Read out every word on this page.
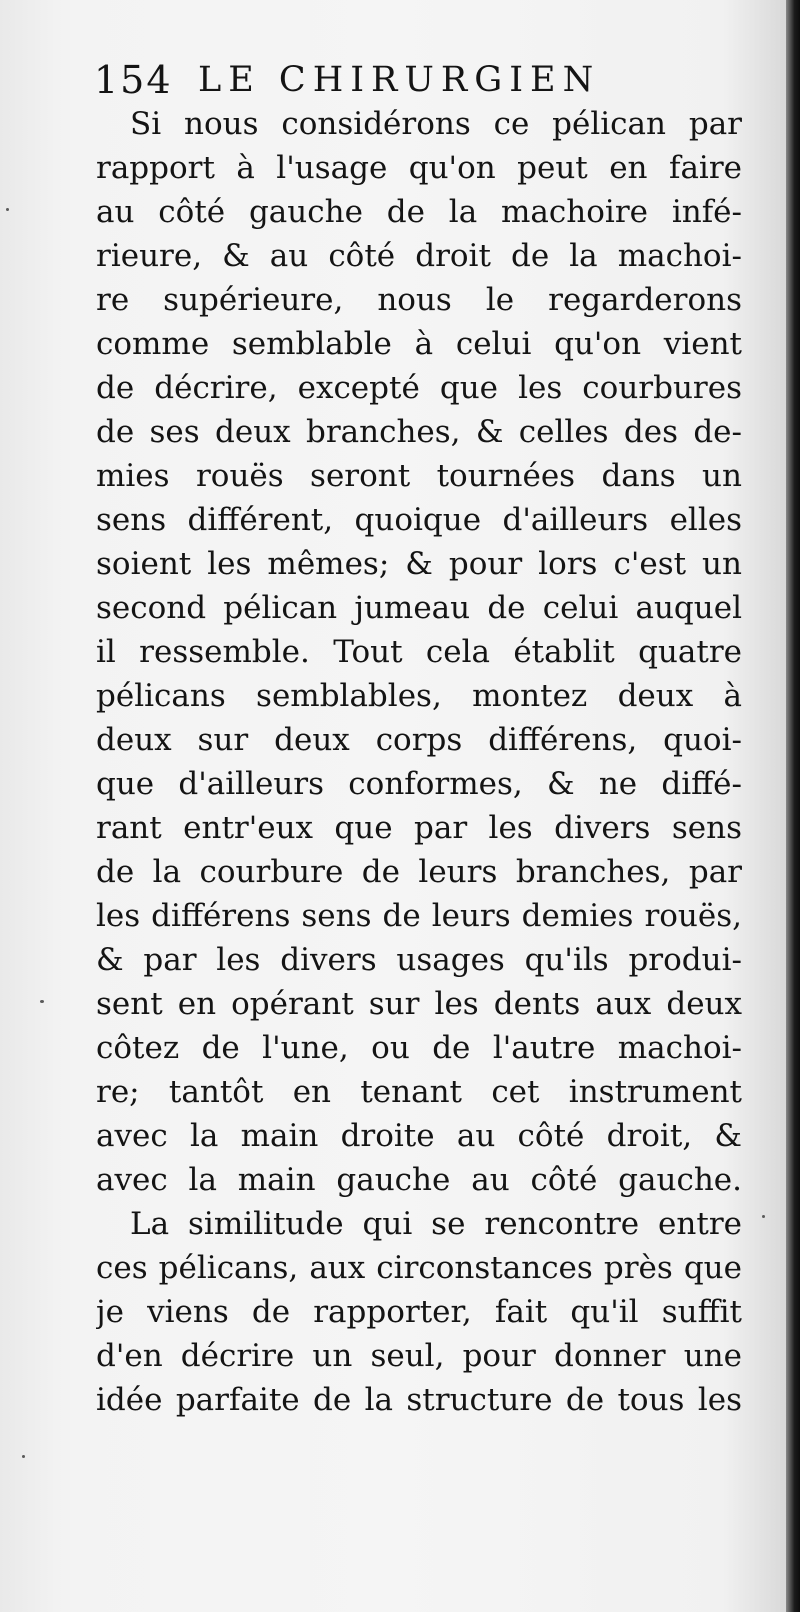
154 LE CHIRURGIEN
Si nous considérons ce pélican par
rapport à l'usage qu'on peut en faire
au côté gauche de la machoire infé-
rieure, & au côté droit de la machoi-
re supérieure, nous le regarderons
comme semblable à celui qu'on vient
de décrire, excepté que les courbures
de ses deux branches, & celles des de-
mies rouës seront tournées dans un
sens différent, quoique d'ailleurs elles
soient les mêmes; & pour lors c'est un
second pélican jumeau de celui auquel
il ressemble. Tout cela établit quatre
pélicans semblables, montez deux à
deux sur deux corps différens, quoi-
que d'ailleurs conformes, & ne diffé-
rant entr'eux que par les divers sens
de la courbure de leurs branches, par
les différens sens de leurs demies rouës,
& par les divers usages qu'ils produi-
sent en opérant sur les dents aux deux
côtez de l'une, ou de l'autre machoi-
re; tantôt en tenant cet instrument
avec la main droite au côté droit, &
avec la main gauche au côté gauche.
La similitude qui se rencontre entre
ces pélicans, aux circonstances près que
je viens de rapporter, fait qu'il suffit
d'en décrire un seul, pour donner une
idée parfaite de la structure de tous les
